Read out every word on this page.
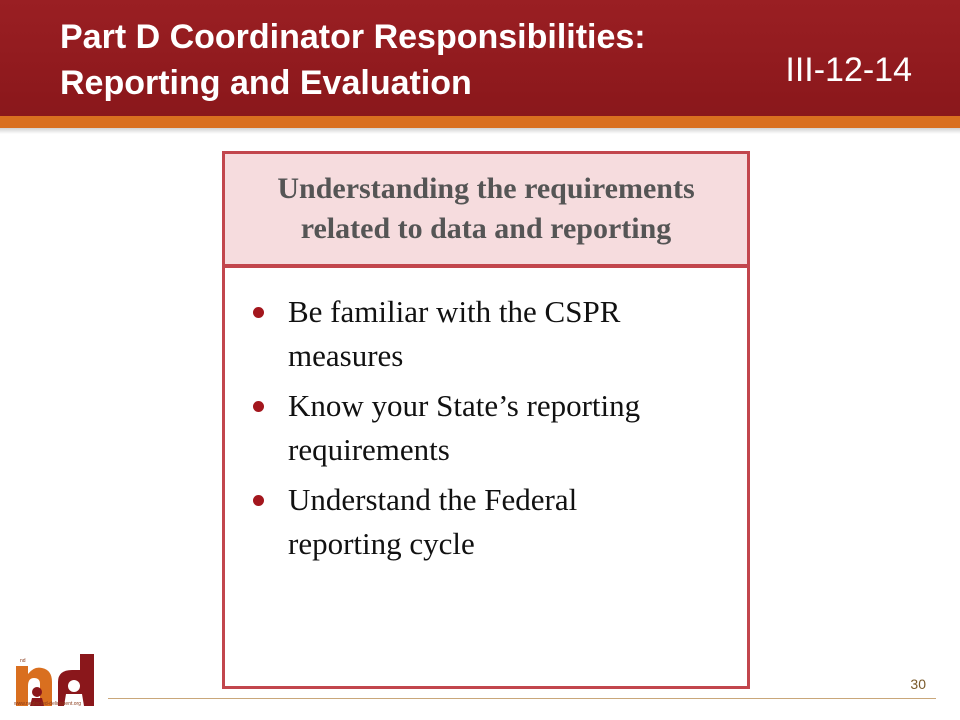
Part D Coordinator Responsibilities:
Reporting and Evaluation	III-12-14
Understanding the requirements
related to data and reporting
Be familiar with the CSPR
measures
Know your State’s reporting
requirements
Understand the Federal
reporting cycle
nd
www.neglected-delinquent.org
30
